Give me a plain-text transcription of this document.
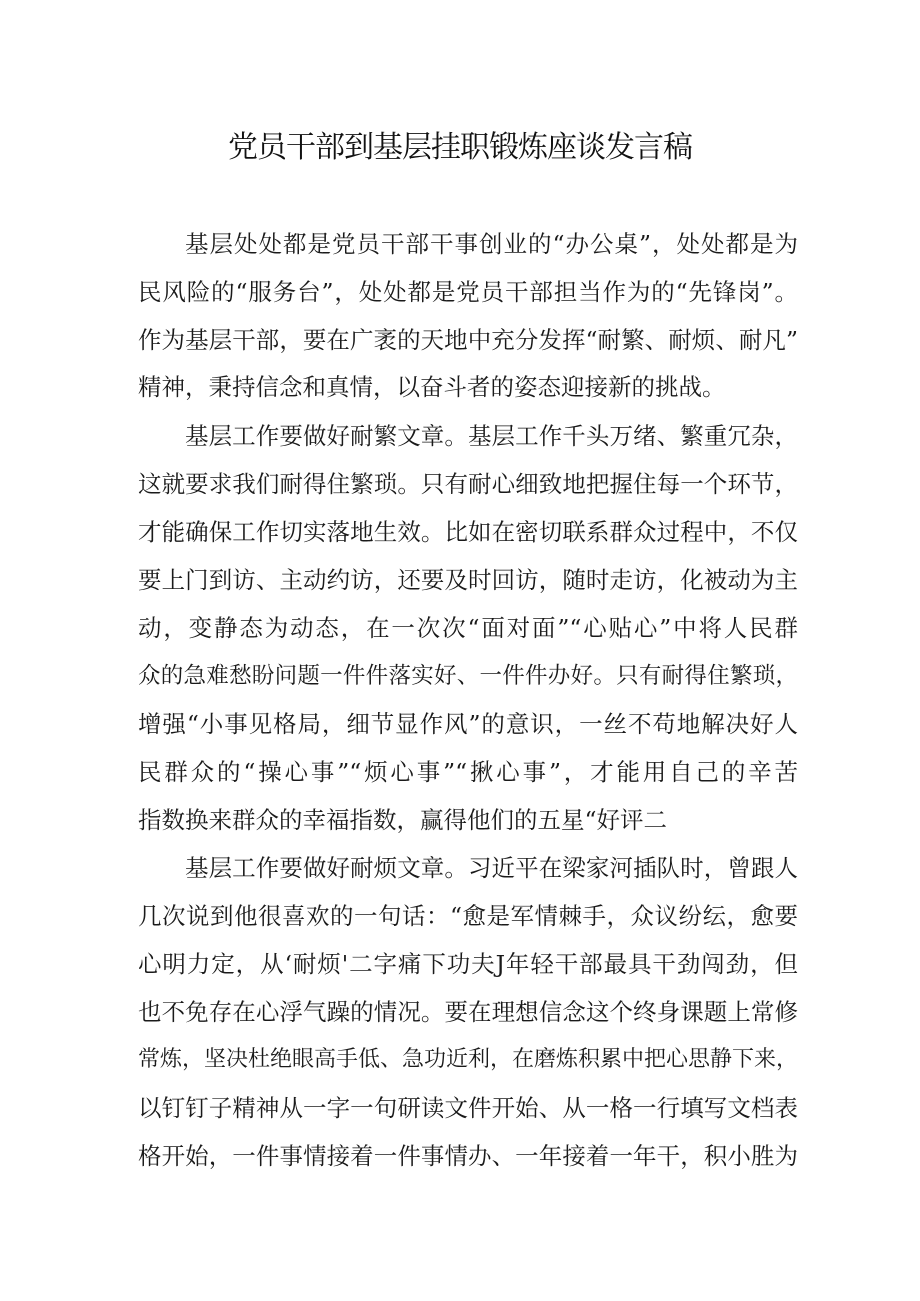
党员干部到基层挂职锻炼座谈发言稿
基层处处都是党员干部干事创业的“办公桌”，处处都是为
民风险的“服务台”，处处都是党员干部担当作为的“先锋岗”。
作为基层干部，要在广袤的天地中充分发挥“耐繁、耐烦、耐凡”
精神，秉持信念和真情，以奋斗者的姿态迎接新的挑战。
基层工作要做好耐繁文章。基层工作千头万绪、繁重冗杂，
这就要求我们耐得住繁琐。只有耐心细致地把握住每一个环节，
才能确保工作切实落地生效。比如在密切联系群众过程中，不仅
要上门到访、主动约访，还要及时回访，随时走访，化被动为主
动，变静态为动态，在一次次“面对面”“心贴心”中将人民群
众的急难愁盼问题一件件落实好、一件件办好。只有耐得住繁琐，
增强“小事见格局，细节显作风”的意识，一丝不苟地解决好人
民群众的“操心事”“烦心事”“揪心事”，才能用自己的辛苦
指数换来群众的幸福指数，赢得他们的五星“好评二
基层工作要做好耐烦文章。习近平在梁家河插队时，曾跟人
几次说到他很喜欢的一句话：“愈是军情棘手，众议纷纭，愈要
心明力定，从‘耐烦'二字痛下功夫J年轻干部最具干劲闯劲，但
也不免存在心浮气躁的情况。要在理想信念这个终身课题上常修
常炼，坚决杜绝眼高手低、急功近利，在磨炼积累中把心思静下来，
以钉钉子精神从一字一句研读文件开始、从一格一行填写文档表
格开始，一件事情接着一件事情办、一年接着一年干，积小胜为
